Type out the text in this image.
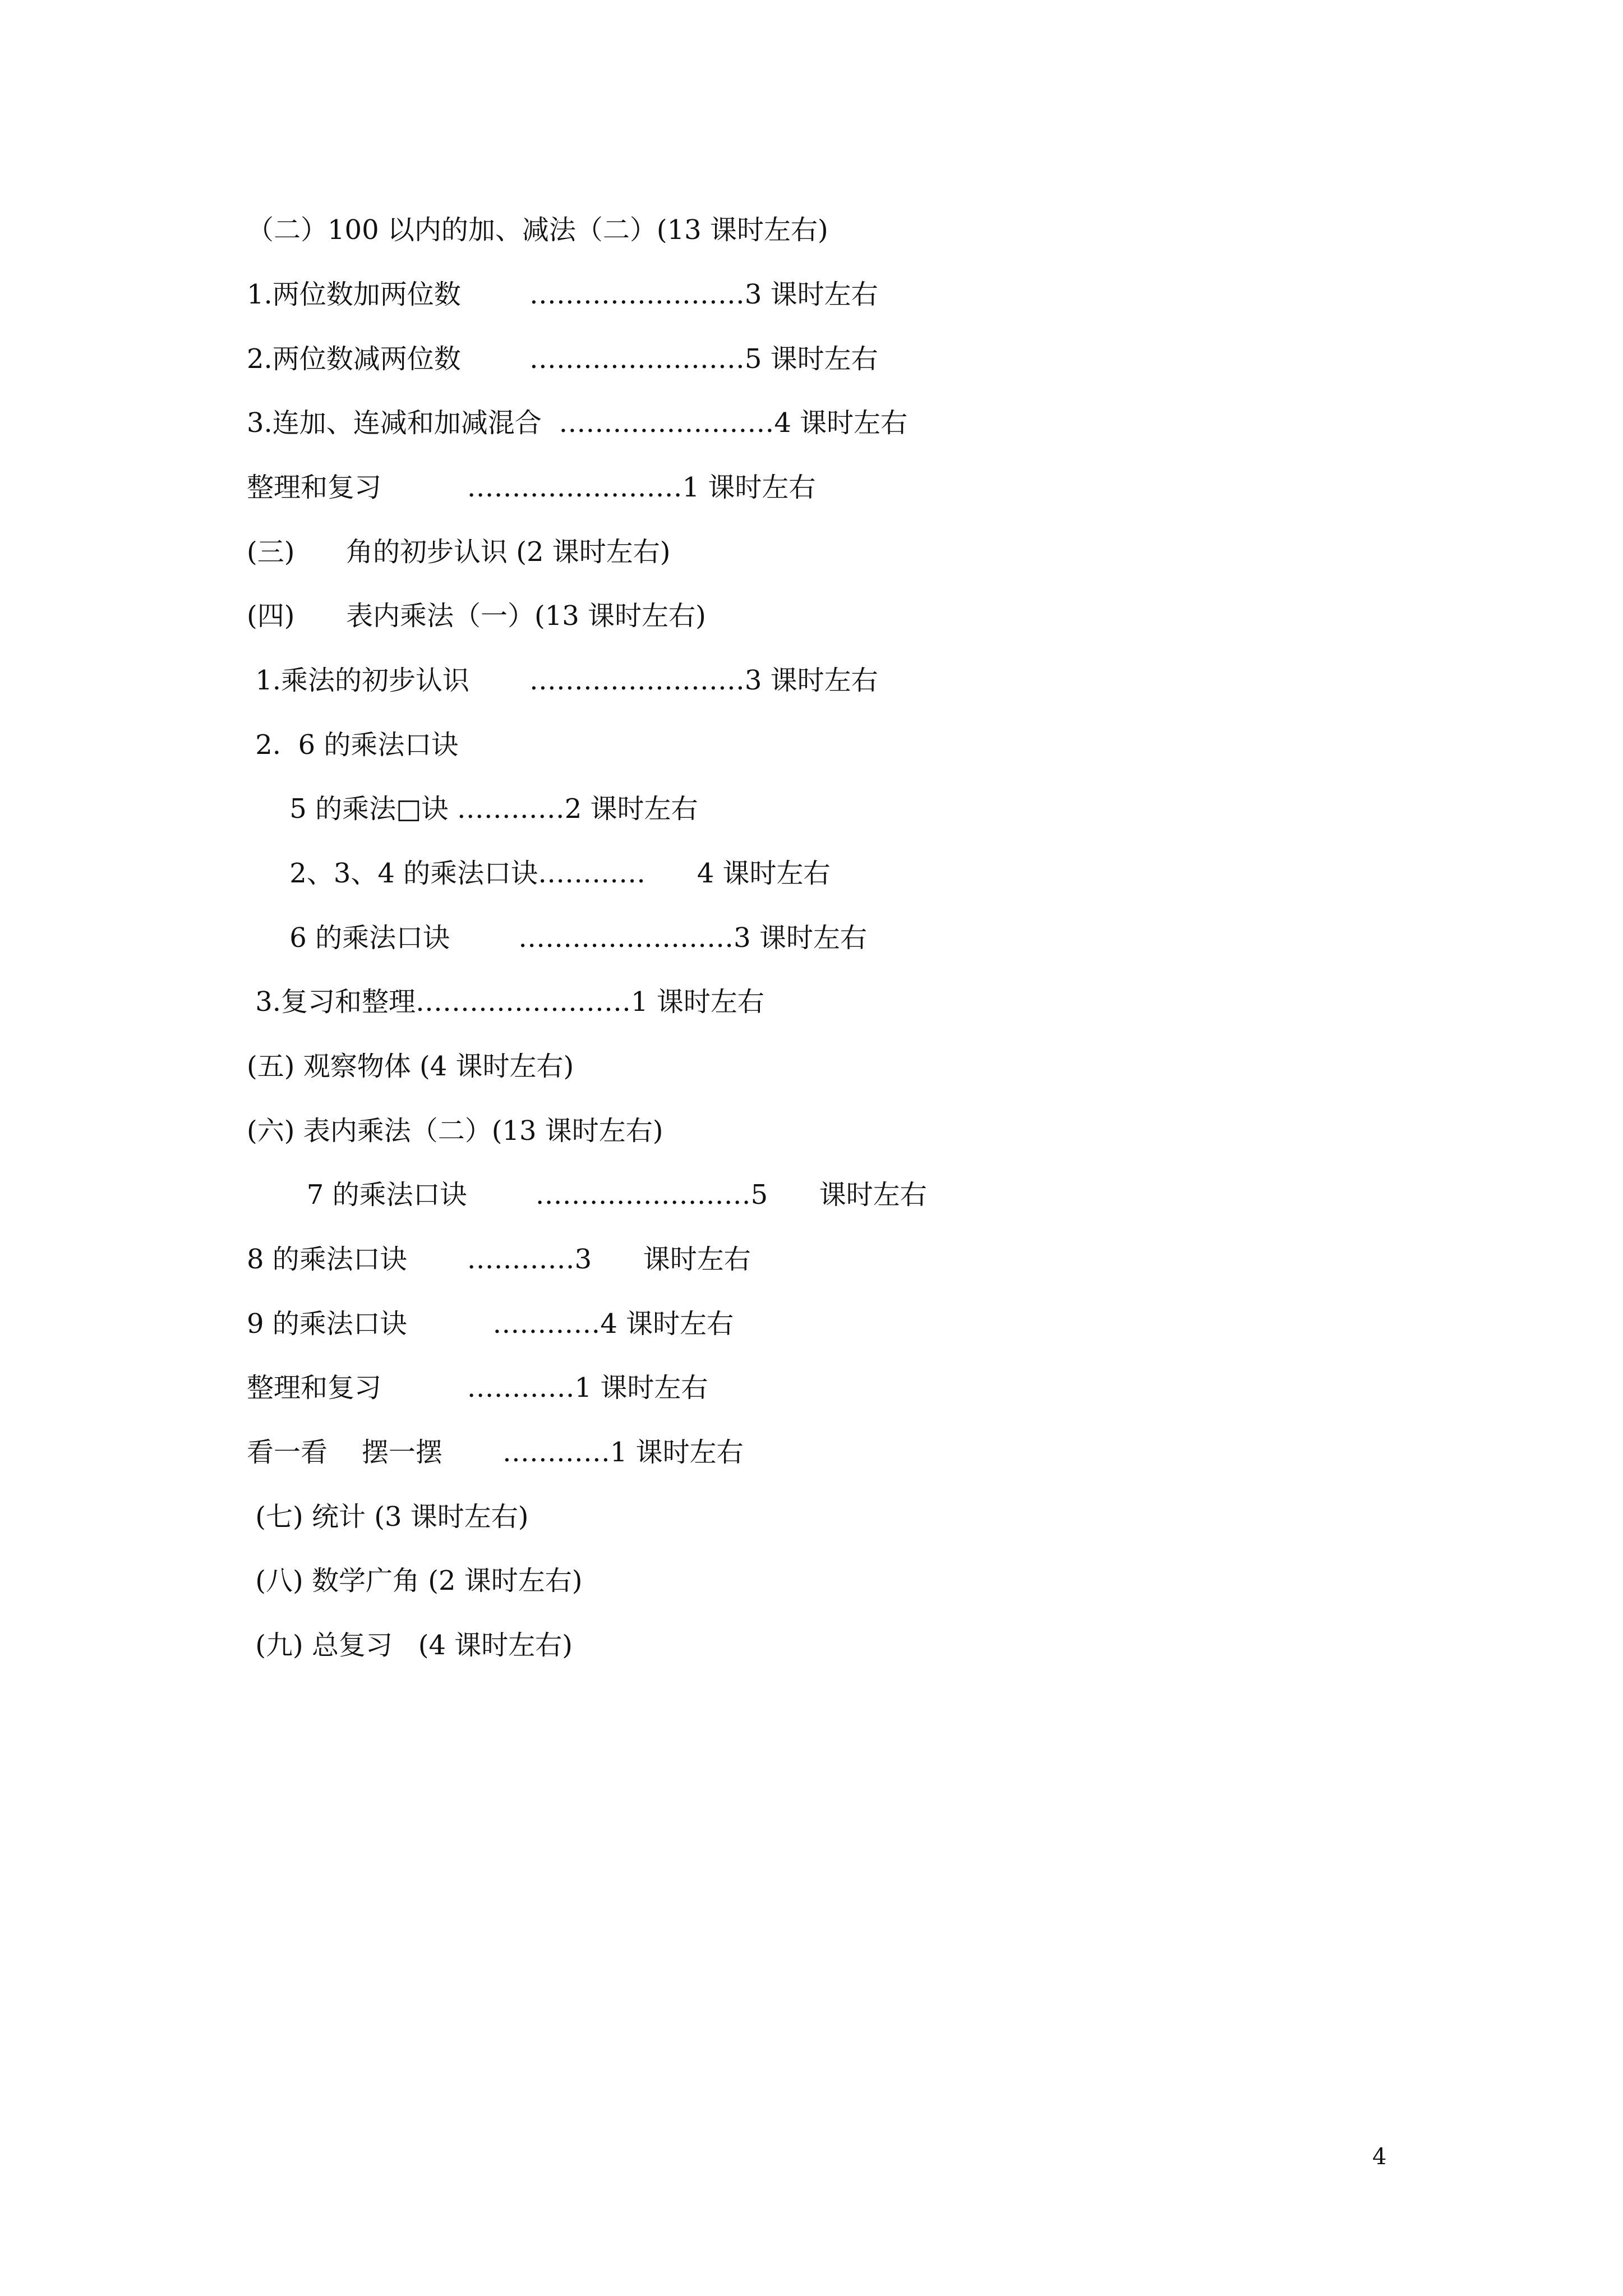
（二）100 以内的加、减法（二）(13 课时左右)
1.两位数加两位数        ……………………3 课时左右
2.两位数减两位数        ……………………5 课时左右
3.连加、连减和加减混合  ……………………4 课时左右
整理和复习          ……………………1 课时左右
(三)      角的初步认识 (2 课时左右)
(四)      表内乘法（一）(13 课时左右)
1.乘法的初步认识       ……………………3 课时左右
2.  6 的乘法口诀
5 的乘法□诀 …………2 课时左右
2、3、4 的乘法口诀…………      4 课时左右
6 的乘法口诀        ……………………3 课时左右
3.复习和整理……………………1 课时左右
(五) 观察物体 (4 课时左右)
(六) 表内乘法（二）(13 课时左右)
7 的乘法口诀        ……………………5      课时左右
8 的乘法口诀       …………3      课时左右
9 的乘法口诀          …………4 课时左右
整理和复习          …………1 课时左右
看一看    摆一摆       …………1 课时左右
(七) 统计 (3 课时左右)
(八) 数学广角 (2 课时左右)
(九) 总复习   (4 课时左右)
4
